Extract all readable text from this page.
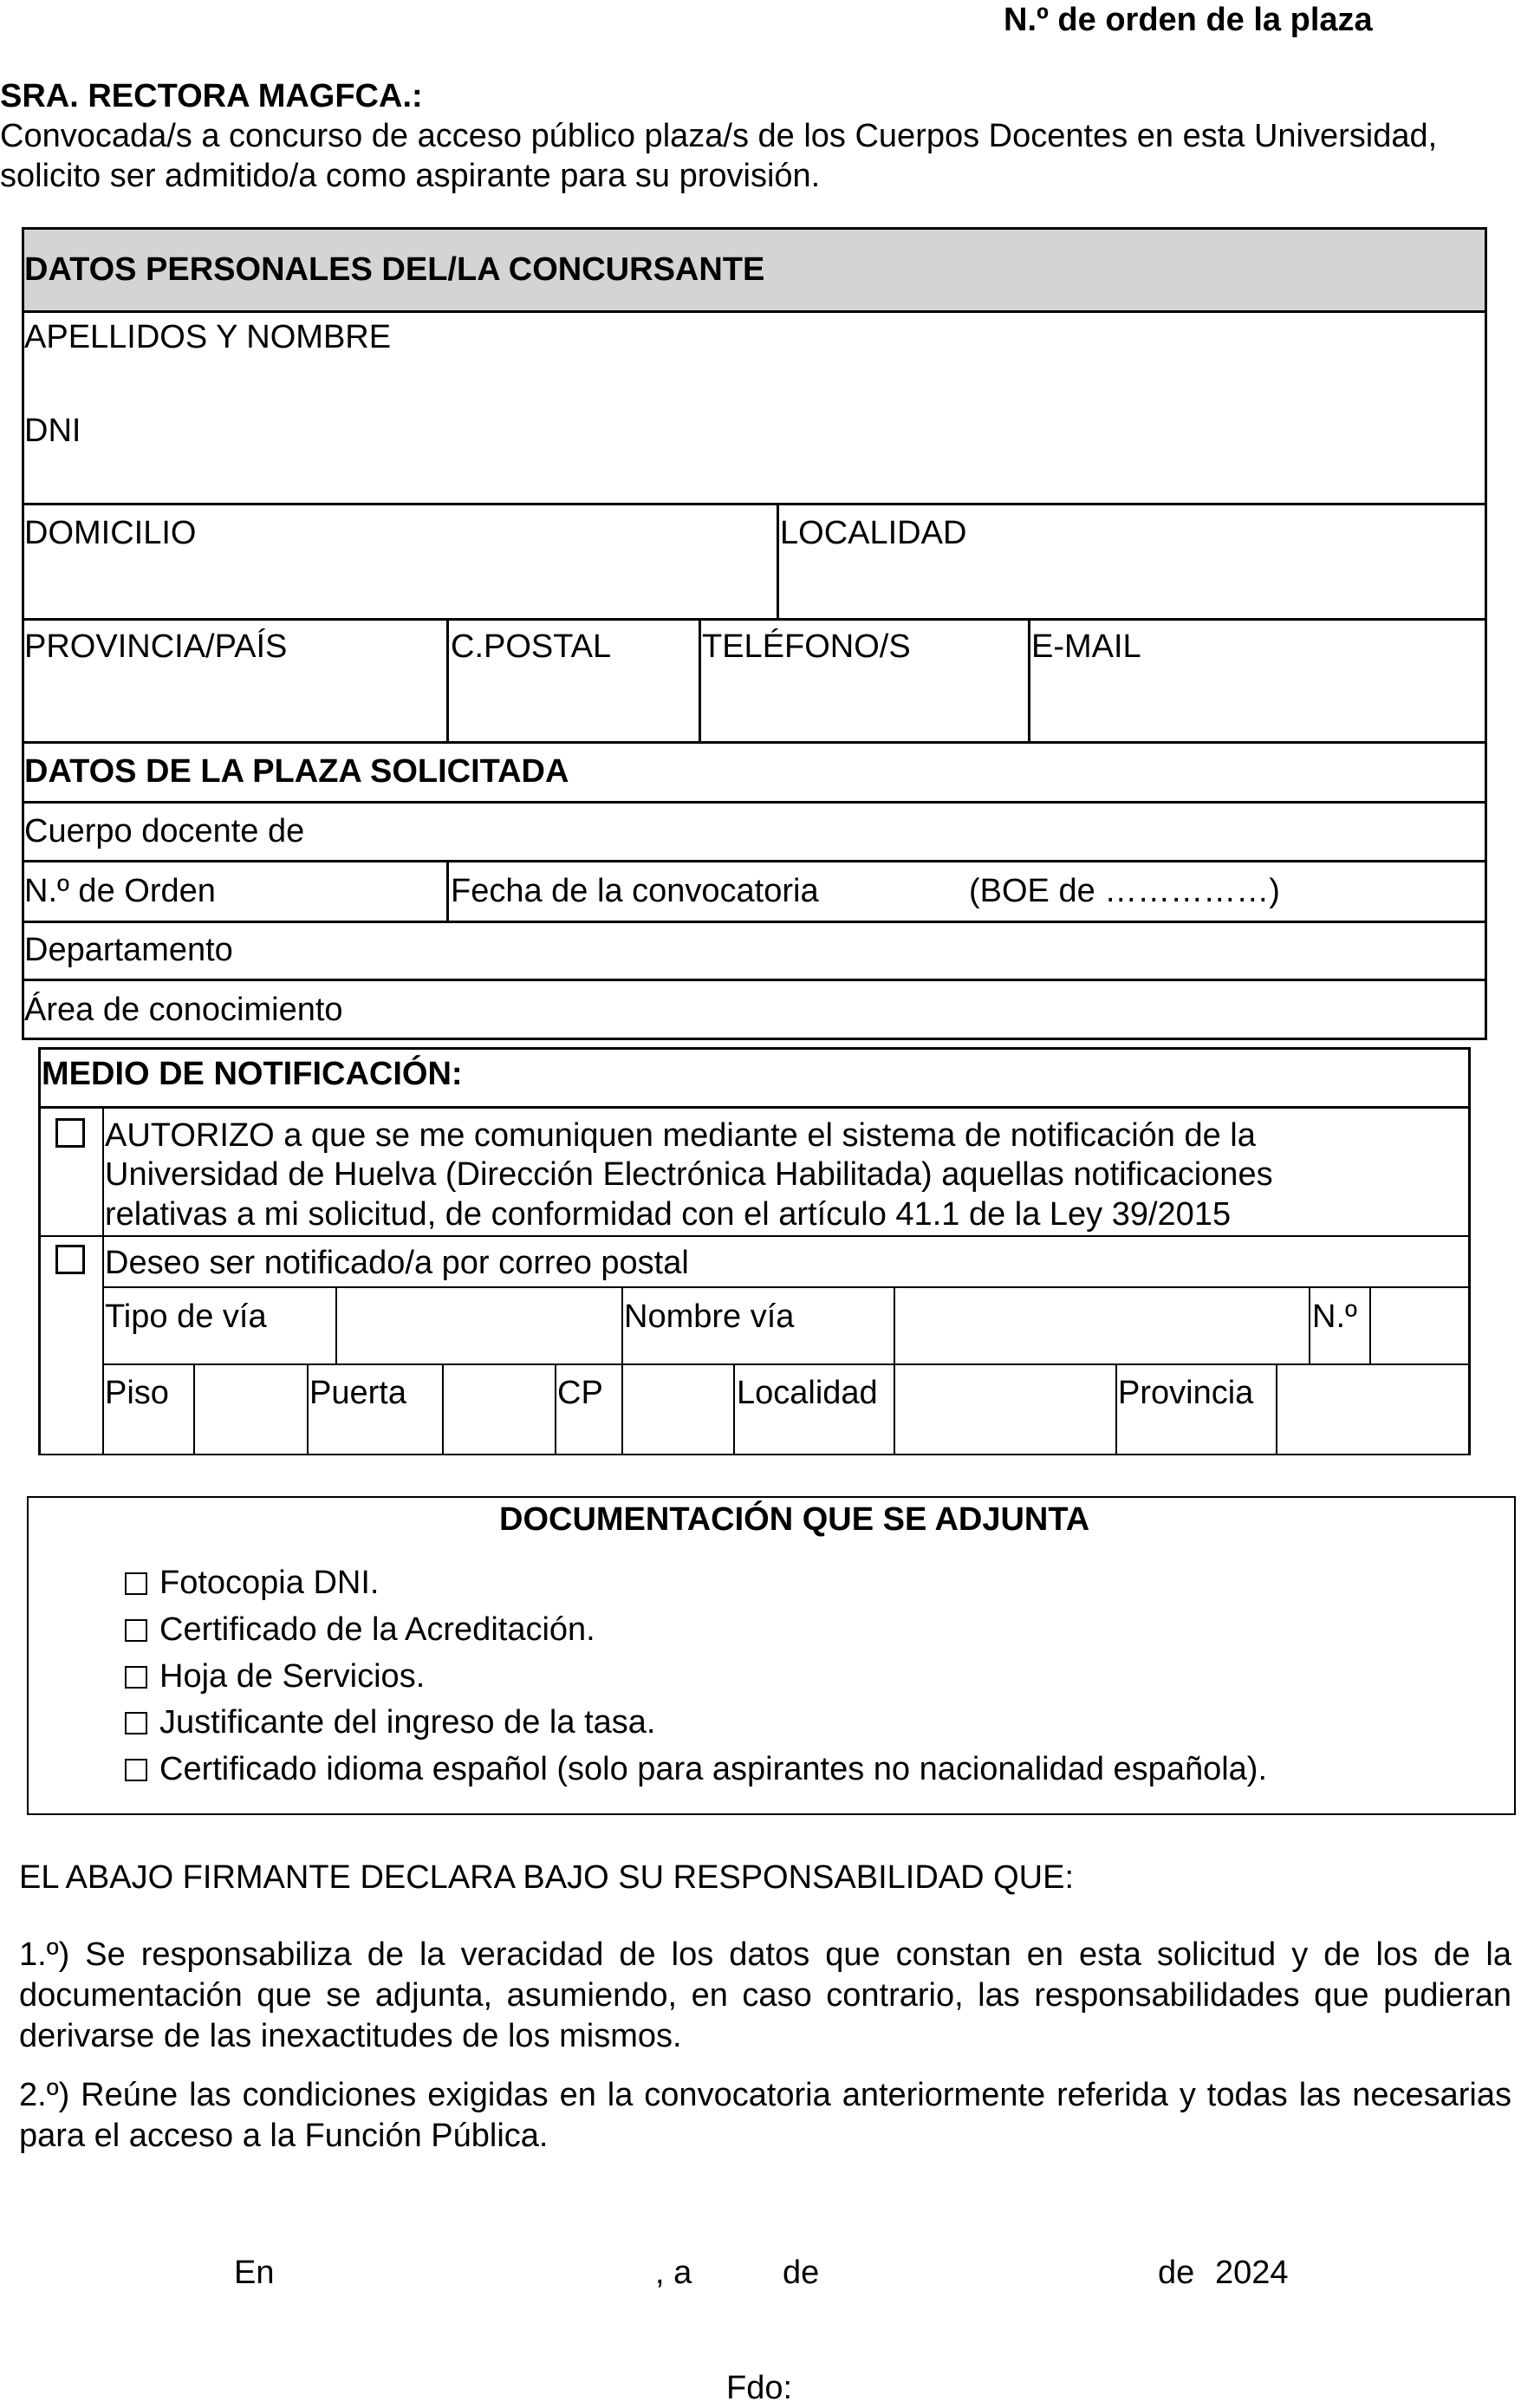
N.º de orden de la plaza
SRA. RECTORA MAGFCA.:
Convocada/s a concurso de acceso público plaza/s de los Cuerpos Docentes en esta Universidad,
solicito ser admitido/a como aspirante para su provisión.
DATOS PERSONALES DEL/LA CONCURSANTE
APELLIDOS Y NOMBRE
DNI
DOMICILIO	LOCALIDAD
PROVINCIA/PAÍS	C.POSTAL	TELÉFONO/S	E-MAIL
DATOS DE LA PLAZA SOLICITADA
Cuerpo docente de
N.º de Orden	Fecha de la convocatoria	(BOE de ……………)
Departamento
Área de conocimiento
MEDIO DE NOTIFICACIÓN:
AUTORIZO a que se me comuniquen mediante el sistema de notificación de la
Universidad de Huelva (Dirección Electrónica Habilitada) aquellas notificaciones
relativas a mi solicitud, de conformidad con el artículo 41.1 de la Ley 39/2015
Deseo ser notificado/a por correo postal
Tipo de vía	Nombre vía	N.º
Piso	Puerta	CP	Localidad	Provincia
DOCUMENTACIÓN QUE SE ADJUNTA
Fotocopia DNI.
Certificado de la Acreditación.
Hoja de Servicios.
Justificante del ingreso de la tasa.
Certificado idioma español (solo para aspirantes no nacionalidad española).
EL ABAJO FIRMANTE DECLARA BAJO SU RESPONSABILIDAD QUE:
1.º) Se responsabiliza de la veracidad de los datos que constan en esta solicitud y de los de la documentación que se adjunta, asumiendo, en caso contrario, las responsabilidades que pudieran derivarse de las inexactitudes de los mismos.
2.º) Reúne las condiciones exigidas en la convocatoria anteriormente referida y todas las necesarias para el acceso a la Función Pública.
En	, a	de	de 2024
Fdo:
